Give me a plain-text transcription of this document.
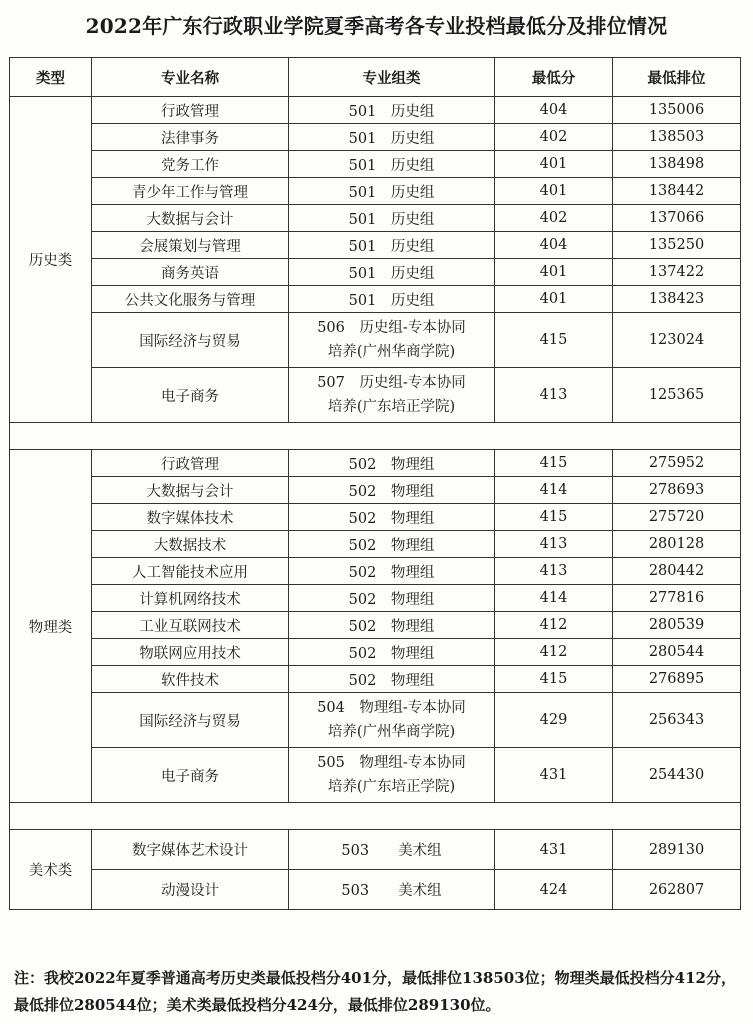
2022年广东行政职业学院夏季高考各专业投档最低分及排位情况
类型	专业名称	专业组类	最低分	最低排位
历史类	行政管理	501　历史组	404	135006
	法律事务	501　历史组	402	138503
	党务工作	501　历史组	401	138498
	青少年工作与管理	501　历史组	401	138442
	大数据与会计	501　历史组	402	137066
	会展策划与管理	501　历史组	404	135250
	商务英语	501　历史组	401	137422
	公共文化服务与管理	501　历史组	401	138423
	国际经济与贸易	506　历史组-专本协同
培养(广州华商学院)	415	123024
	电子商务	507　历史组-专本协同
培养(广东培正学院)	413	125365

物理类	行政管理	502　物理组	415	275952
	大数据与会计	502　物理组	414	278693
	数字媒体技术	502　物理组	415	275720
	大数据技术	502　物理组	413	280128
	人工智能技术应用	502　物理组	413	280442
	计算机网络技术	502　物理组	414	277816
	工业互联网技术	502　物理组	412	280539
	物联网应用技术	502　物理组	412	280544
	软件技术	502　物理组	415	276895
	国际经济与贸易	504　物理组-专本协同
培养(广州华商学院)	429	256343
	电子商务	505　物理组-专本协同
培养(广东培正学院)	431	254430

美术类	数字媒体艺术设计	503　　美术组	431	289130
	动漫设计	503　　美术组	424	262807
注：我校2022年夏季普通高考历史类最低投档分401分，最低排位138503位；物理类最低投档分412分，最低排位280544位；美术类最低投档分424分，最低排位289130位。
